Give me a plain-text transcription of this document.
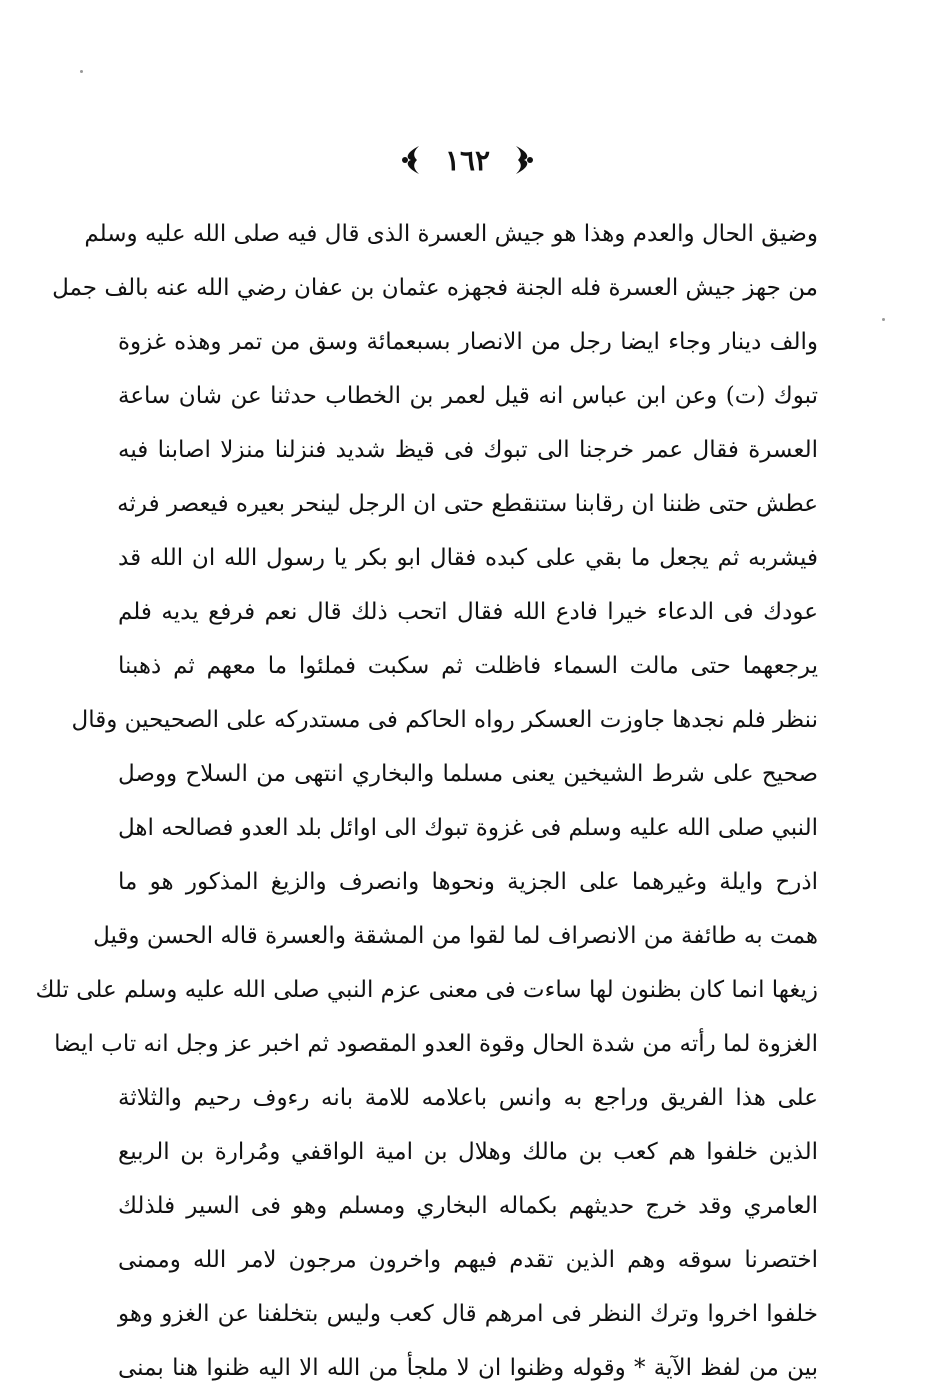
١٦٢
وضيق الحال والعدم وهذا هو جيش العسرة الذى قال فيه صلى الله عليه وسلم
من جهز جيش العسرة فله الجنة فجهزه عثمان بن عفان رضي الله عنه بالف جمل
والف دينار وجاء ايضا رجل من الانصار بسبعمائة وسق من تمر وهذه غزوة
تبوك (ت) وعن ابن عباس انه قيل لعمر بن الخطاب حدثنا عن شان ساعة
العسرة فقال عمر خرجنا الى تبوك فى قيظ شديد فنزلنا منزلا اصابنا فيه
عطش حتى ظننا ان رقابنا ستنقطع حتى ان الرجل لينحر بعيره فيعصر فرثه
فيشربه ثم يجعل ما بقي على كبده فقال ابو بكر يا رسول الله ان الله قد
عودك فى الدعاء خيرا فادع الله فقال اتحب ذلك قال نعم فرفع يديه فلم
يرجعهما حتى مالت السماء فاظلت ثم سكبت فملئوا ما معهم ثم ذهبنا
ننظر فلم نجدها جاوزت العسكر رواه الحاكم فى مستدركه على الصحيحين وقال
صحيح على شرط الشيخين يعنى مسلما والبخاري انتهى من السلاح ووصل
النبي صلى الله عليه وسلم فى غزوة تبوك الى اوائل بلد العدو فصالحه اهل
اذرح وايلة وغيرهما على الجزية ونحوها وانصرف والزيغ المذكور هو ما
همت به طائفة من الانصراف لما لقوا من المشقة والعسرة قاله الحسن وقيل
زيغها انما كان بظنون لها ساءت فى معنى عزم النبي صلى الله عليه وسلم على تلك
الغزوة لما رأته من شدة الحال وقوة العدو المقصود ثم اخبر عز وجل انه تاب ايضا
على هذا الفريق وراجع به وانس باعلامه للامة بانه رءوف رحيم والثلاثة
الذين خلفوا هم كعب بن مالك وهلال بن امية الواقفي ومُرارة بن الربيع
العامري وقد خرج حديثهم بكماله البخاري ومسلم وهو فى السير فلذلك
اختصرنا سوقه وهم الذين تقدم فيهم واخرون مرجون لامر الله وممنى
خلفوا اخروا وترك النظر فى امرهم قال كعب وليس بتخلفنا عن الغزو وهو
بين من لفظ الآية * وقوله وظنوا ان لا ملجأ من الله الا اليه ظنوا هنا بمنى
